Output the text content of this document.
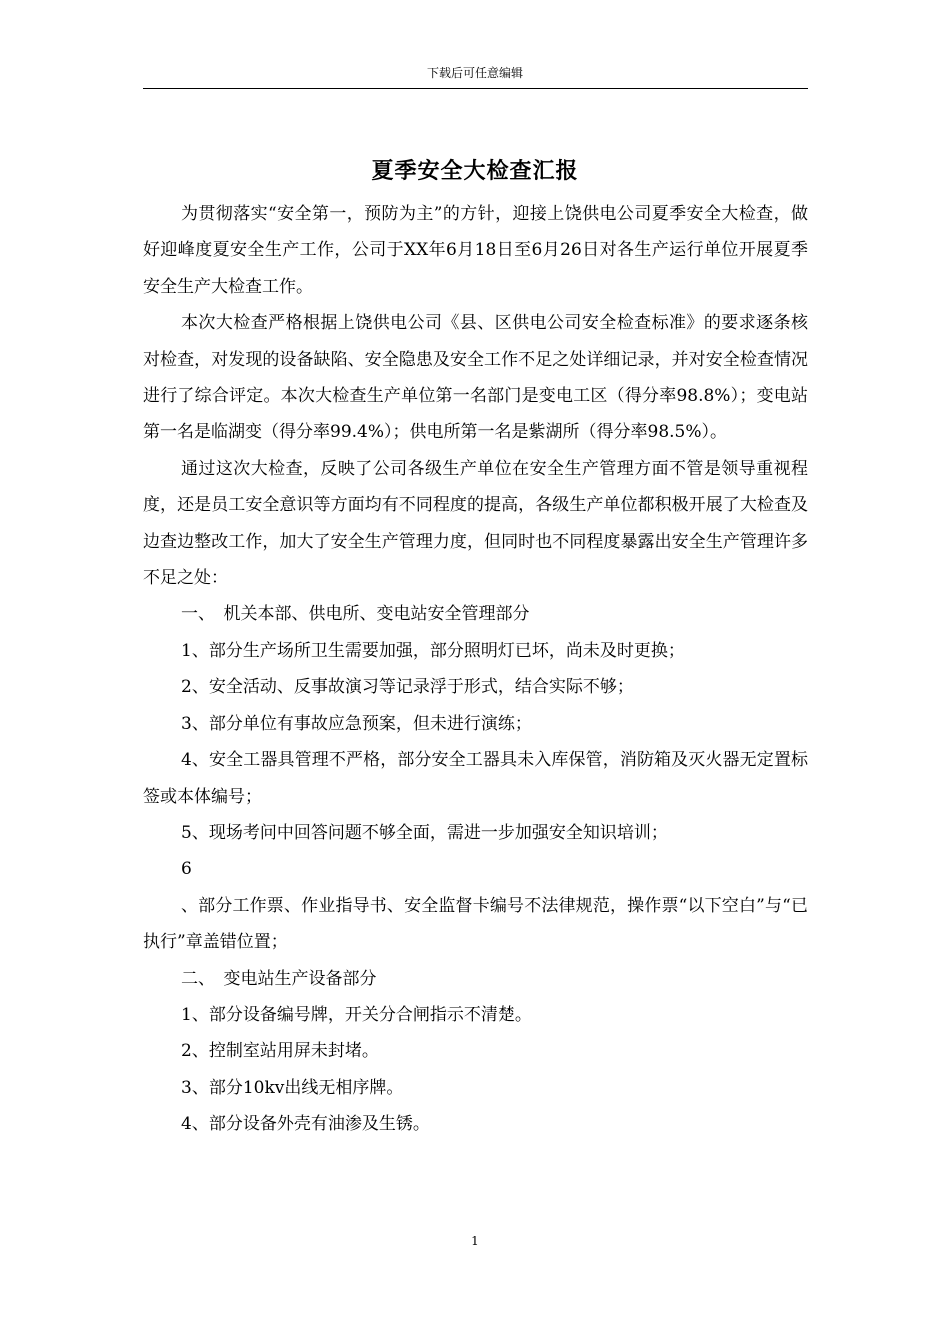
下载后可任意编辑
夏季安全大检查汇报

为贯彻落实“安全第一，预防为主”的方针，迎接上饶供电公司夏季安全大检查，做好迎峰度夏安全生产工作，公司于XX年6月18日至6月26日对各生产运行单位开展夏季安全生产大检查工作。

本次大检查严格根据上饶供电公司《县、区供电公司安全检查标准》的要求逐条核对检查，对发现的设备缺陷、安全隐患及安全工作不足之处详细记录，并对安全检查情况进行了综合评定。本次大检查生产单位第一名部门是变电工区（得分率98.8%）；变电站第一名是临湖变（得分率99.4%）；供电所第一名是紫湖所（得分率98.5%）。

通过这次大检查，反映了公司各级生产单位在安全生产管理方面不管是领导重视程度，还是员工安全意识等方面均有不同程度的提高，各级生产单位都积极开展了大检查及边查边整改工作，加大了安全生产管理力度，但同时也不同程度暴露出安全生产管理许多不足之处：

一、　机关本部、供电所、变电站安全管理部分

1、部分生产场所卫生需要加强，部分照明灯已坏，尚未及时更换；

2、安全活动、反事故演习等记录浮于形式，结合实际不够；

3、部分单位有事故应急预案，但未进行演练；

4、安全工器具管理不严格，部分安全工器具未入库保管，消防箱及灭火器无定置标签或本体编号；

5、现场考问中回答问题不够全面，需进一步加强安全知识培训；

6

、部分工作票、作业指导书、安全监督卡编号不法律规范，操作票“以下空白”与“已执行”章盖错位置；

二、　变电站生产设备部分

1、部分设备编号牌，开关分合闸指示不清楚。

2、控制室站用屏未封堵。

3、部分10kv出线无相序牌。

4、部分设备外壳有油渗及生锈。

1
